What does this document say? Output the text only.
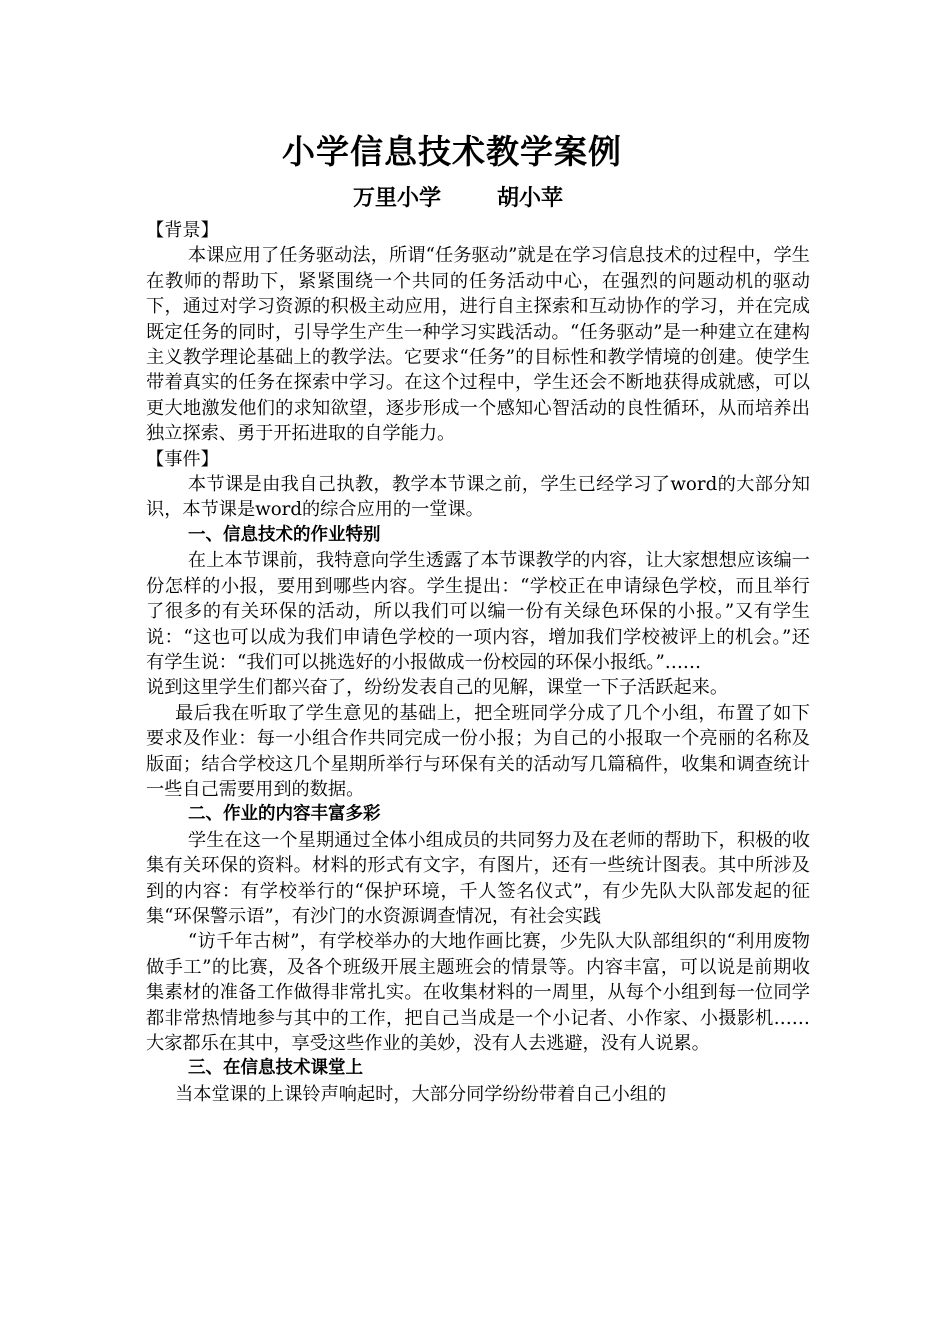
小学信息技术教学案例
万里小学	胡小苹

【背景】

本课应用了任务驱动法，所谓“任务驱动”就是在学习信息技术的过程中，学生在教师的帮助下，紧紧围绕一个共同的任务活动中心，在强烈的问题动机的驱动下，通过对学习资源的积极主动应用，进行自主探索和互动协作的学习，并在完成既定任务的同时，引导学生产生一种学习实践活动。“任务驱动”是一种建立在建构主义教学理论基础上的教学法。它要求“任务”的目标性和教学情境的创建。使学生带着真实的任务在探索中学习。在这个过程中，学生还会不断地获得成就感，可以更大地激发他们的求知欲望，逐步形成一个感知心智活动的良性循环，从而培养出独立探索、勇于开拓进取的自学能力。

【事件】

本节课是由我自己执教，教学本节课之前，学生已经学习了word的大部分知识，本节课是word的综合应用的一堂课。

一、信息技术的作业特别

在上本节课前，我特意向学生透露了本节课教学的内容，让大家想想应该编一份怎样的小报，要用到哪些内容。学生提出：“学校正在申请绿色学校，而且举行了很多的有关环保的活动，所以我们可以编一份有关绿色环保的小报。”又有学生说：“这也可以成为我们申请色学校的一项内容，增加我们学校被评上的机会。”还有学生说：“我们可以挑选好的小报做成一份校园的环保小报纸。”……

说到这里学生们都兴奋了，纷纷发表自己的见解，课堂一下子活跃起来。

最后我在听取了学生意见的基础上，把全班同学分成了几个小组，布置了如下要求及作业：每一小组合作共同完成一份小报；为自己的小报取一个亮丽的名称及版面；结合学校这几个星期所举行与环保有关的活动写几篇稿件，收集和调查统计一些自己需要用到的数据。

二、作业的内容丰富多彩

学生在这一个星期通过全体小组成员的共同努力及在老师的帮助下，积极的收集有关环保的资料。材料的形式有文字，有图片，还有一些统计图表。其中所涉及到的内容：有学校举行的“保护环境，千人签名仪式”，有少先队大队部发起的征集“环保警示语”，有沙门的水资源调查情况，有社会实践

“访千年古树”，有学校举办的大地作画比赛，少先队大队部组织的“利用废物做手工”的比赛，及各个班级开展主题班会的情景等。内容丰富，可以说是前期收集素材的准备工作做得非常扎实。在收集材料的一周里，从每个小组到每一位同学都非常热情地参与其中的工作，把自己当成是一个小记者、小作家、小摄影机……大家都乐在其中，享受这些作业的美妙，没有人去逃避，没有人说累。

三、在信息技术课堂上

当本堂课的上课铃声响起时，大部分同学纷纷带着自己小组的
